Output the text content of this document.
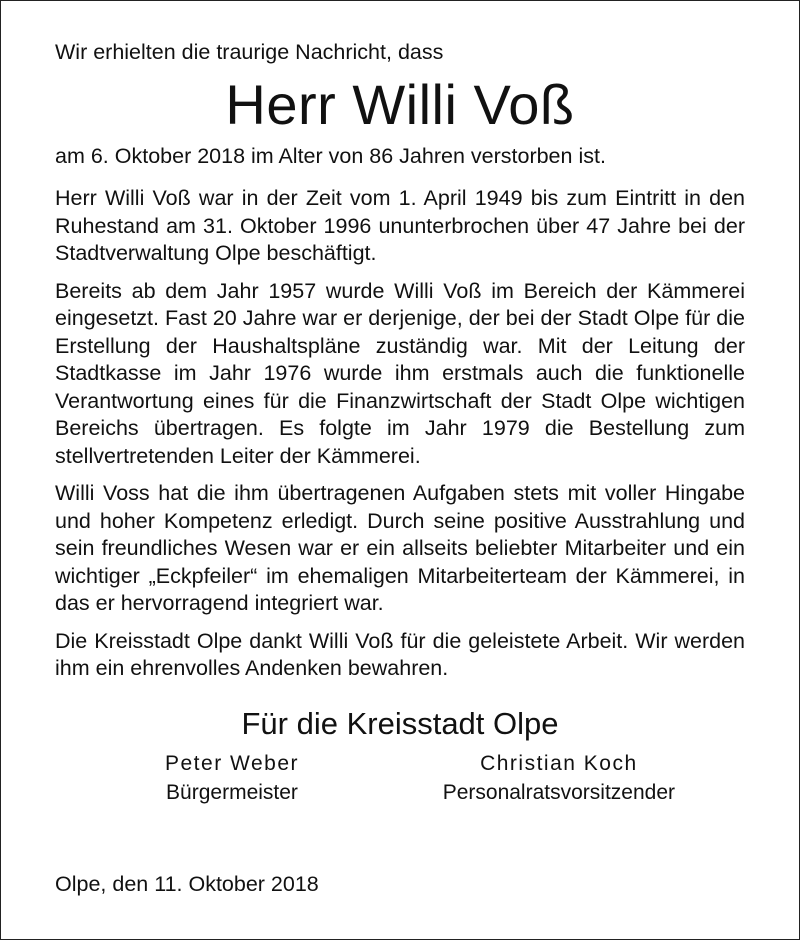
Wir erhielten die traurige Nachricht, dass

Herr Willi Voß

am 6. Oktober 2018 im Alter von 86 Jahren verstorben ist.

Herr Willi Voß war in der Zeit vom 1. April 1949 bis zum Eintritt in den Ruhestand am 31. Oktober 1996 ununterbrochen über 47 Jahre bei der Stadtverwaltung Olpe beschäftigt.

Bereits ab dem Jahr 1957 wurde Willi Voß im Bereich der Kämmerei eingesetzt. Fast 20 Jahre war er derjenige, der bei der Stadt Olpe für die Erstellung der Haushaltspläne zuständig war. Mit der Leitung der Stadtkasse im Jahr 1976 wurde ihm erstmals auch die funktionelle Verantwortung eines für die Finanzwirtschaft der Stadt Olpe wichtigen Bereichs übertragen. Es folgte im Jahr 1979 die Bestellung zum stellvertretenden Leiter der Kämmerei.

Willi Voss hat die ihm übertragenen Aufgaben stets mit voller Hingabe und hoher Kompetenz erledigt. Durch seine positive Ausstrahlung und sein freundliches Wesen war er ein allseits beliebter Mitarbeiter und ein wichtiger „Eckpfeiler“ im ehemaligen Mitarbeiterteam der Kämmerei, in das er hervorragend integriert war.

Die Kreisstadt Olpe dankt Willi Voß für die geleistete Arbeit. Wir werden ihm ein ehrenvolles Andenken bewahren.

Für die Kreisstadt Olpe
Peter Weber
Bürgermeister
Christian Koch
Personalratsvorsitzender

Olpe, den 11. Oktober 2018
